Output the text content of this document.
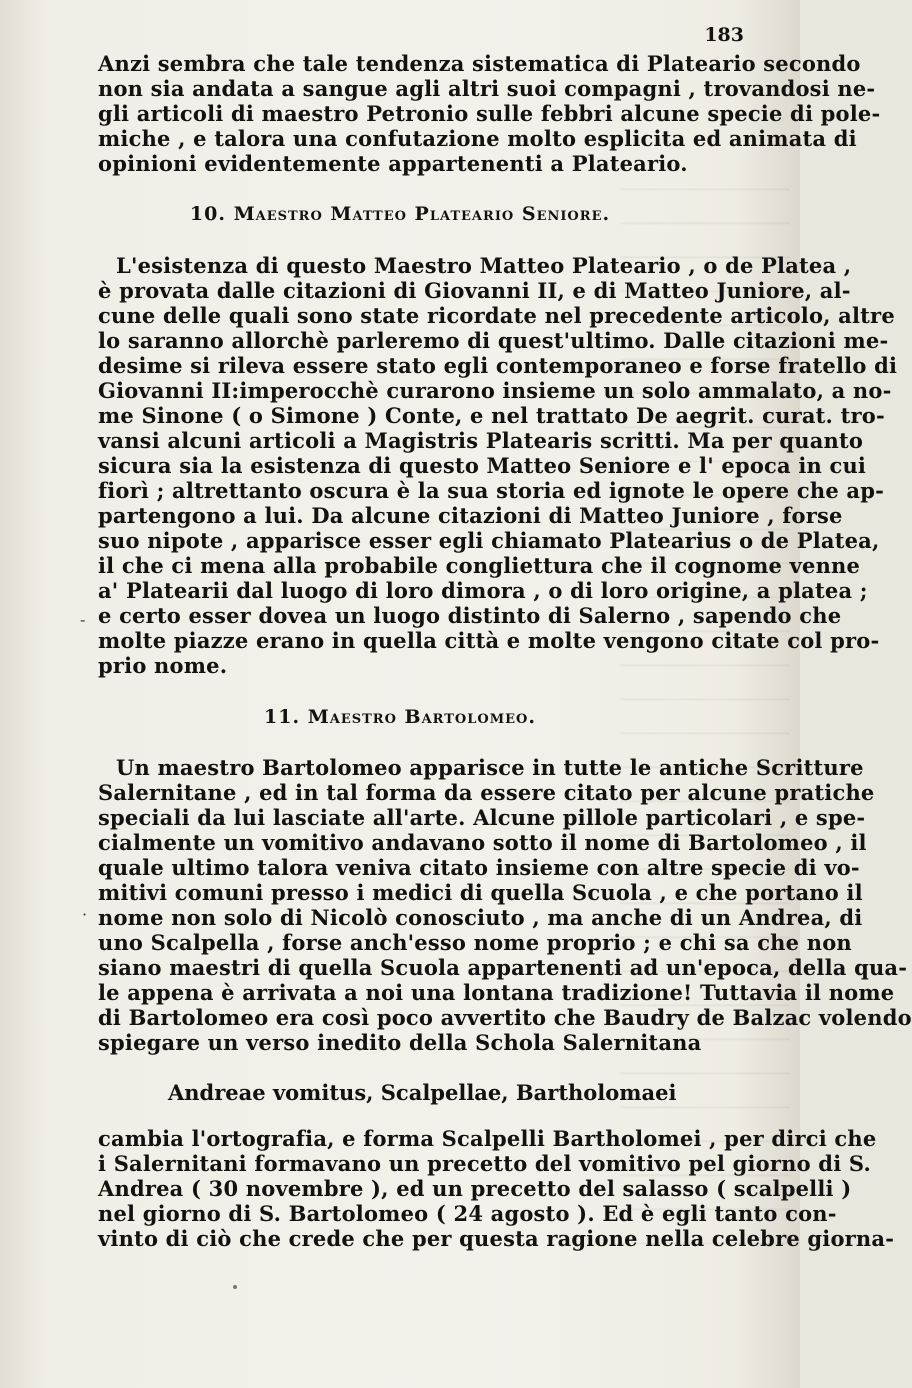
183
Anzi sembra che tale tendenza sistematica di Plateario secondo
non sia andata a sangue agli altri suoi compagni , trovandosi ne-
gli articoli di maestro Petronio sulle febbri alcune specie di pole-
miche , e talora una confutazione molto esplicita ed animata di
opinioni evidentemente appartenenti a Plateario.
10. Maestro Matteo Plateario Seniore.
L'esistenza di questo Maestro Matteo Plateario , o de Platea ,
è provata dalle citazioni di Giovanni II, e di Matteo Juniore, al-
cune delle quali sono state ricordate nel precedente articolo, altre
lo saranno allorchè parleremo di quest'ultimo. Dalle citazioni me-
desime si rileva essere stato egli contemporaneo e forse fratello di
Giovanni II:imperocchè curarono insieme un solo ammalato, a no-
me Sinone ( o Simone ) Conte, e nel trattato De aegrit. curat. tro-
vansi alcuni articoli a Magistris Platearis scritti. Ma per quanto
sicura sia la esistenza di questo Matteo Seniore e l' epoca in cui
fiorì ; altrettanto oscura è la sua storia ed ignote le opere che ap-
partengono a lui. Da alcune citazioni di Matteo Juniore , forse
suo nipote , apparisce esser egli chiamato Platearius o de Platea,
il che ci mena alla probabile congliettura che il cognome venne
a' Platearii dal luogo di loro dimora , o di loro origine, a platea ;
e certo esser dovea un luogo distinto di Salerno , sapendo che
molte piazze erano in quella città e molte vengono citate col pro-
prio nome.
11. Maestro Bartolomeo.
Un maestro Bartolomeo apparisce in tutte le antiche Scritture
Salernitane , ed in tal forma da essere citato per alcune pratiche
speciali da lui lasciate all'arte. Alcune pillole particolari , e spe-
cialmente un vomitivo andavano sotto il nome di Bartolomeo , il
quale ultimo talora veniva citato insieme con altre specie di vo-
mitivi comuni presso i medici di quella Scuola , e che portano il
nome non solo di Nicolò conosciuto , ma anche di un Andrea, di
uno Scalpella , forse anch'esso nome proprio ; e chi sa che non
siano maestri di quella Scuola appartenenti ad un'epoca, della qua-
le appena è arrivata a noi una lontana tradizione! Tuttavia il nome
di Bartolomeo era così poco avvertito che Baudry de Balzac volendo
spiegare un verso inedito della Schola Salernitana
Andreae vomitus, Scalpellae, Bartholomaei
cambia l'ortografia, e forma Scalpelli Bartholomei , per dirci che
i Salernitani formavano un precetto del vomitivo pel giorno di S.
Andrea ( 30 novembre ), ed un precetto del salasso ( scalpelli )
nel giorno di S. Bartolomeo ( 24 agosto ). Ed è egli tanto con-
vinto di ciò che crede che per questa ragione nella celebre giorna-
-
·
